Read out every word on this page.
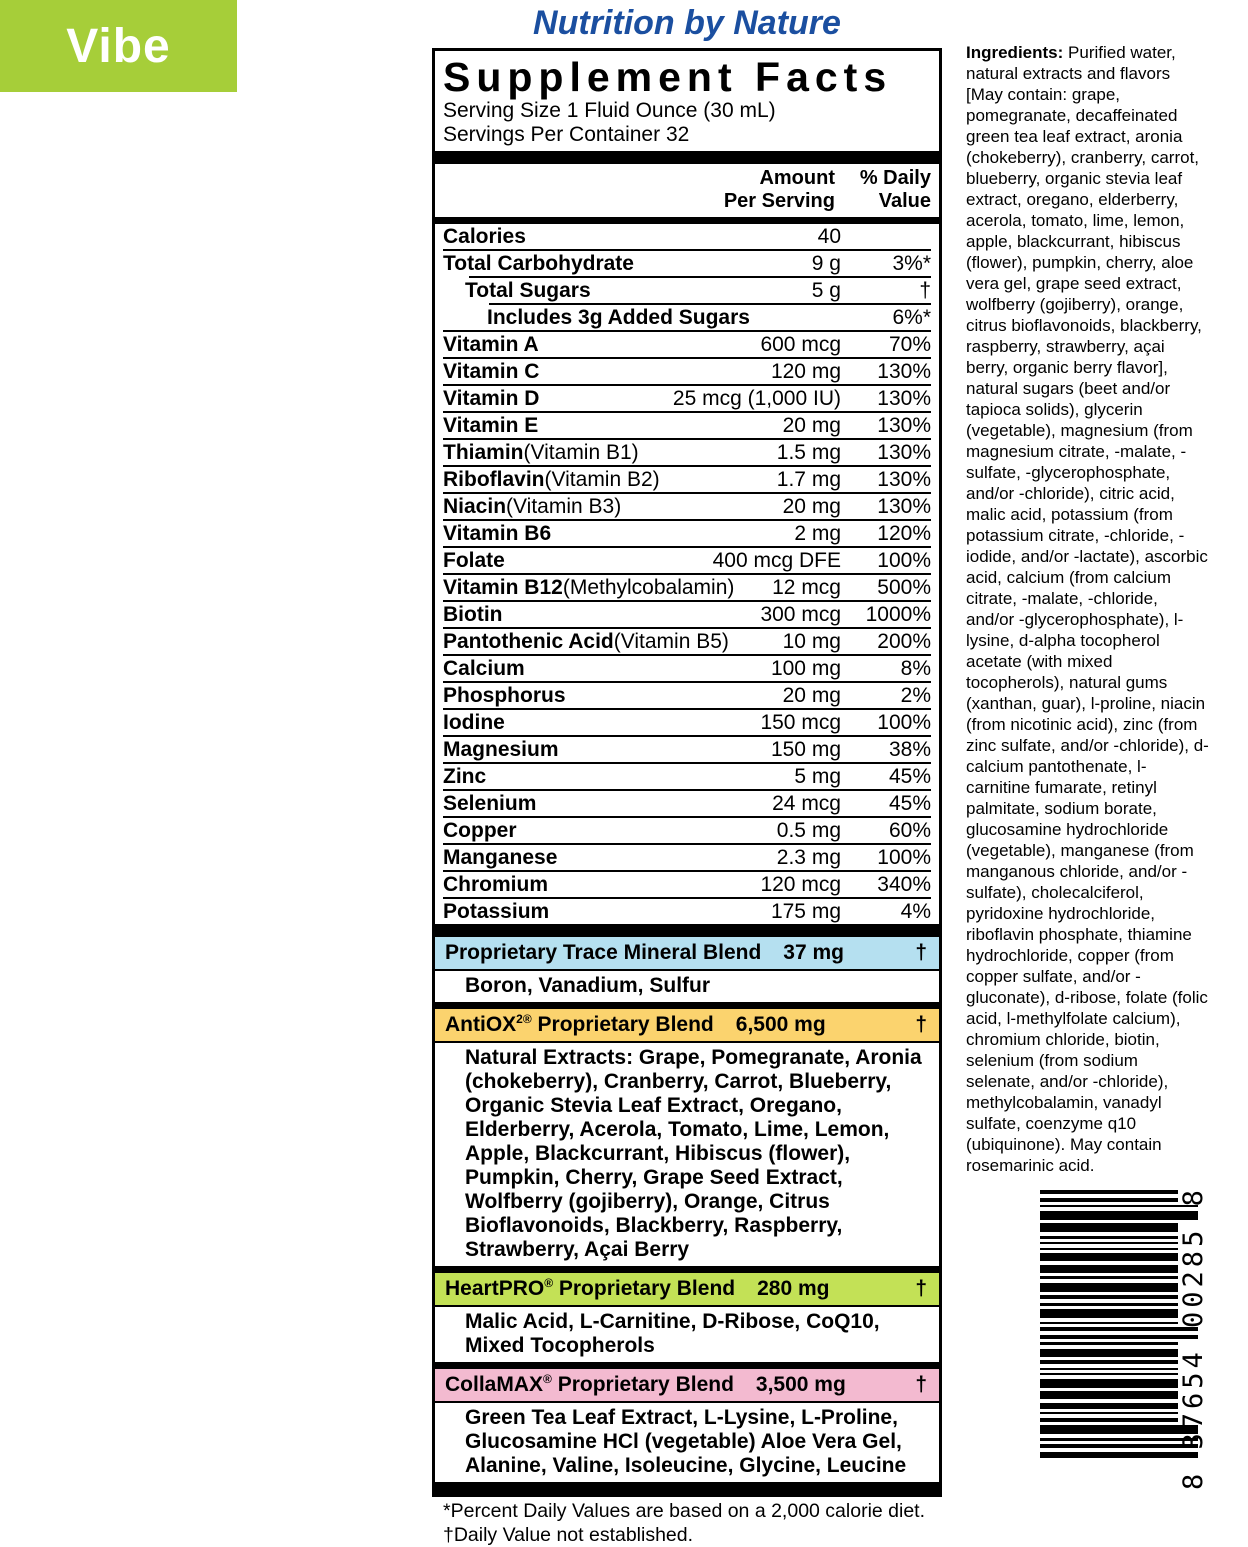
Vibe	Nutrition by Nature
Supplement Facts
Serving Size 1 Fluid Ounce (30 mL)
Servings Per Container 32
Amount
Per Serving
% Daily
Value
Calories	40
Total Carbohydrate	9 g	3%*
Total Sugars	5 g	†
Includes 3g Added Sugars	6%*
Vitamin A	600 mcg	70%
Vitamin C	120 mg	130%
Vitamin D	25 mcg (1,000 IU)	130%
Vitamin E	20 mg	130%
Thiamin (Vitamin B1)	1.5 mg	130%
Riboflavin (Vitamin B2)	1.7 mg	130%
Niacin (Vitamin B3)	20 mg	130%
Vitamin B6	2 mg	120%
Folate	400 mcg DFE	100%
Vitamin B12 (Methylcobalamin) 12 mcg	500%
Biotin	300 mcg	1000%
Pantothenic Acid (Vitamin B5)	10 mg	200%
Calcium	100 mg	8%
Phosphorus	20 mg	2%
Iodine	150 mcg	100%
Magnesium	150 mg	38%
Zinc	5 mg	45%
Selenium	24 mcg	45%
Copper	0.5 mg	60%
Manganese	2.3 mg	100%
Chromium	120 mcg	340%
Potassium	175 mg	4%
Proprietary Trace Mineral Blend	37 mg	†
Boron, Vanadium, Sulfur
AntiOX$^{2®}$ Proprietary Blend	6,500 mg	†
Natural Extracts: Grape, Pomegranate, Aronia (chokeberry), Cranberry, Carrot, Blueberry, Organic Stevia Leaf Extract, Oregano, Elderberry, Acerola, Tomato, Lime, Lemon, Apple, Blackcurrant, Hibiscus (flower), Pumpkin, Cherry, Grape Seed Extract, Wolfberry (gojiberry), Orange, Citrus Bioflavonoids, Blackberry, Raspberry, Strawberry, Açai Berry
HeartPRO® Proprietary Blend	280 mg	†
Malic Acid, L-Carnitine, D-Ribose, CoQ10, Mixed Tocopherols
CollaMAX® Proprietary Blend	3,500 mg	†
Green Tea Leaf Extract, L-Lysine, L-Proline, Glucosamine HCl (vegetable) Aloe Vera Gel, Alanine, Valine, Isoleucine, Glycine, Leucine

*Percent Daily Values are based on a 2,000 calorie diet.

†Daily Value not established.

Ingredients: Purified water, natural extracts and flavors [May contain: grape, pomegranate, decaffeinated green tea leaf extract, aronia (chokeberry), cranberry, carrot, blueberry, organic stevia leaf extract, oregano, elderberry, acerola, tomato, lime, lemon, apple, blackcurrant, hibiscus (flower), pumpkin, cherry, aloe vera gel, grape seed extract, wolfberry (gojiberry), orange, citrus bioflavonoids, blackberry, raspberry, strawberry, açai berry, organic berry flavor], natural sugars (beet and/or tapioca solids), glycerin (vegetable), magnesium (from magnesium citrate, -malate, -sulfate, -glycerophosphate, and/or -chloride), citric acid, malic acid, potassium (from potassium citrate, -chloride, -iodide, and/or -lactate), ascorbic acid, calcium (from calcium citrate, -malate, -chloride, and/or -glycerophosphate), l-lysine, d-alpha tocopherol acetate (with mixed tocopherols), natural gums (xanthan, guar), l-proline, niacin (from nicotinic acid), zinc (from zinc sulfate, and/or -chloride), d-calcium pantothenate, l-carnitine fumarate, retinyl palmitate, sodium borate, glucosamine hydrochloride (vegetable), manganese (from manganous chloride, and/or -sulfate), cholecalciferol, pyridoxine hydrochloride, riboflavin phosphate, thiamine hydrochloride, copper (from copper sulfate, and/or -gluconate), d-ribose, folate (folic acid, l-methylfolate calcium), chromium chloride, biotin, selenium (from sodium selenate, and/or -chloride), methylcobalamin, vanadyl sulfate, coenzyme q10 (ubiquinone). May contain rosemarinic acid.

8 37654 00285 8
